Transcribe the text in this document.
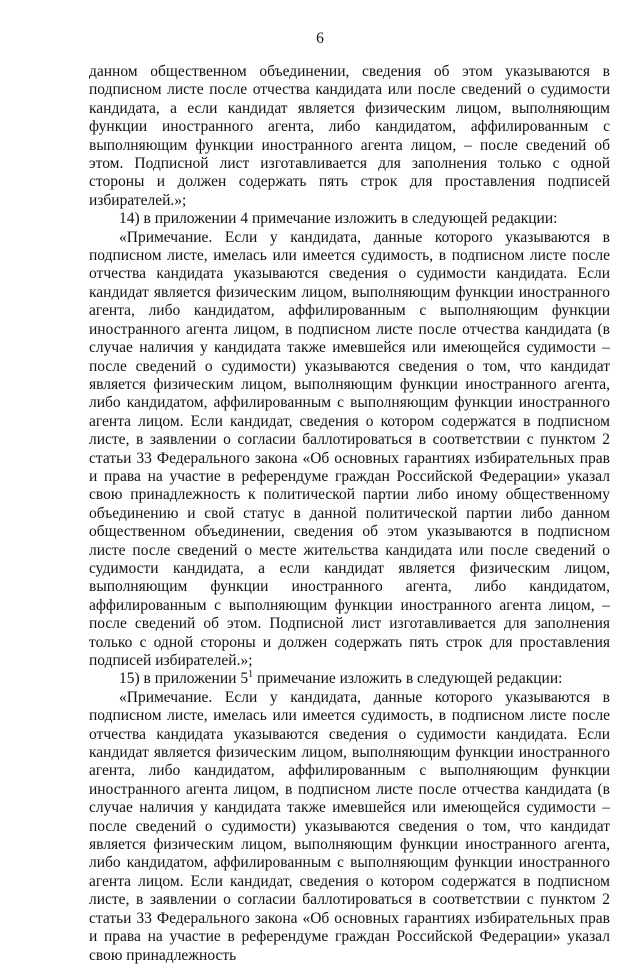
6

данном общественном объединении, сведения об этом указываются в подписном листе после отчества кандидата или после сведений о судимости кандидата, а если кандидат является физическим лицом, выполняющим функции иностранного агента, либо кандидатом, аффилированным с выполняющим функции иностранного агента лицом, – после сведений об этом. Подписной лист изготавливается для заполнения только с одной стороны и должен содержать пять строк для проставления подписей избирателей.»;

14) в приложении 4 примечание изложить в следующей редакции:

«Примечание. Если у кандидата, данные которого указываются в подписном листе, имелась или имеется судимость, в подписном листе после отчества кандидата указываются сведения о судимости кандидата. Если кандидат является физическим лицом, выполняющим функции иностранного агента, либо кандидатом, аффилированным с выполняющим функции иностранного агента лицом, в подписном листе после отчества кандидата (в случае наличия у кандидата также имевшейся или имеющейся судимости – после сведений о судимости) указываются сведения о том, что кандидат является физическим лицом, выполняющим функции иностранного агента, либо кандидатом, аффилированным с выполняющим функции иностранного агента лицом. Если кандидат, сведения о котором содержатся в подписном листе, в заявлении о согласии баллотироваться в соответствии с пунктом 2 статьи 33 Федерального закона «Об основных гарантиях избирательных прав и права на участие в референдуме граждан Российской Федерации» указал свою принадлежность к политической партии либо иному общественному объединению и свой статус в данной политической партии либо данном общественном объединении, сведения об этом указываются в подписном листе после сведений о месте жительства кандидата или после сведений о судимости кандидата, а если кандидат является физическим лицом, выполняющим функции иностранного агента, либо кандидатом, аффилированным с выполняющим функции иностранного агента лицом, – после сведений об этом. Подписной лист изготавливается для заполнения только с одной стороны и должен содержать пять строк для проставления подписей избирателей.»;

15) в приложении $5^1$ примечание изложить в следующей редакции:

«Примечание. Если у кандидата, данные которого указываются в подписном листе, имелась или имеется судимость, в подписном листе после отчества кандидата указываются сведения о судимости кандидата. Если кандидат является физическим лицом, выполняющим функции иностранного агента, либо кандидатом, аффилированным с выполняющим функции иностранного агента лицом, в подписном листе после отчества кандидата (в случае наличия у кандидата также имевшейся или имеющейся судимости – после сведений о судимости) указываются сведения о том, что кандидат является физическим лицом, выполняющим функции иностранного агента, либо кандидатом, аффилированным с выполняющим функции иностранного агента лицом. Если кандидат, сведения о котором содержатся в подписном листе, в заявлении о согласии баллотироваться в соответствии с пунктом 2 статьи 33 Федерального закона «Об основных гарантиях избирательных прав и права на участие в референдуме граждан Российской Федерации» указал свою принадлежность
